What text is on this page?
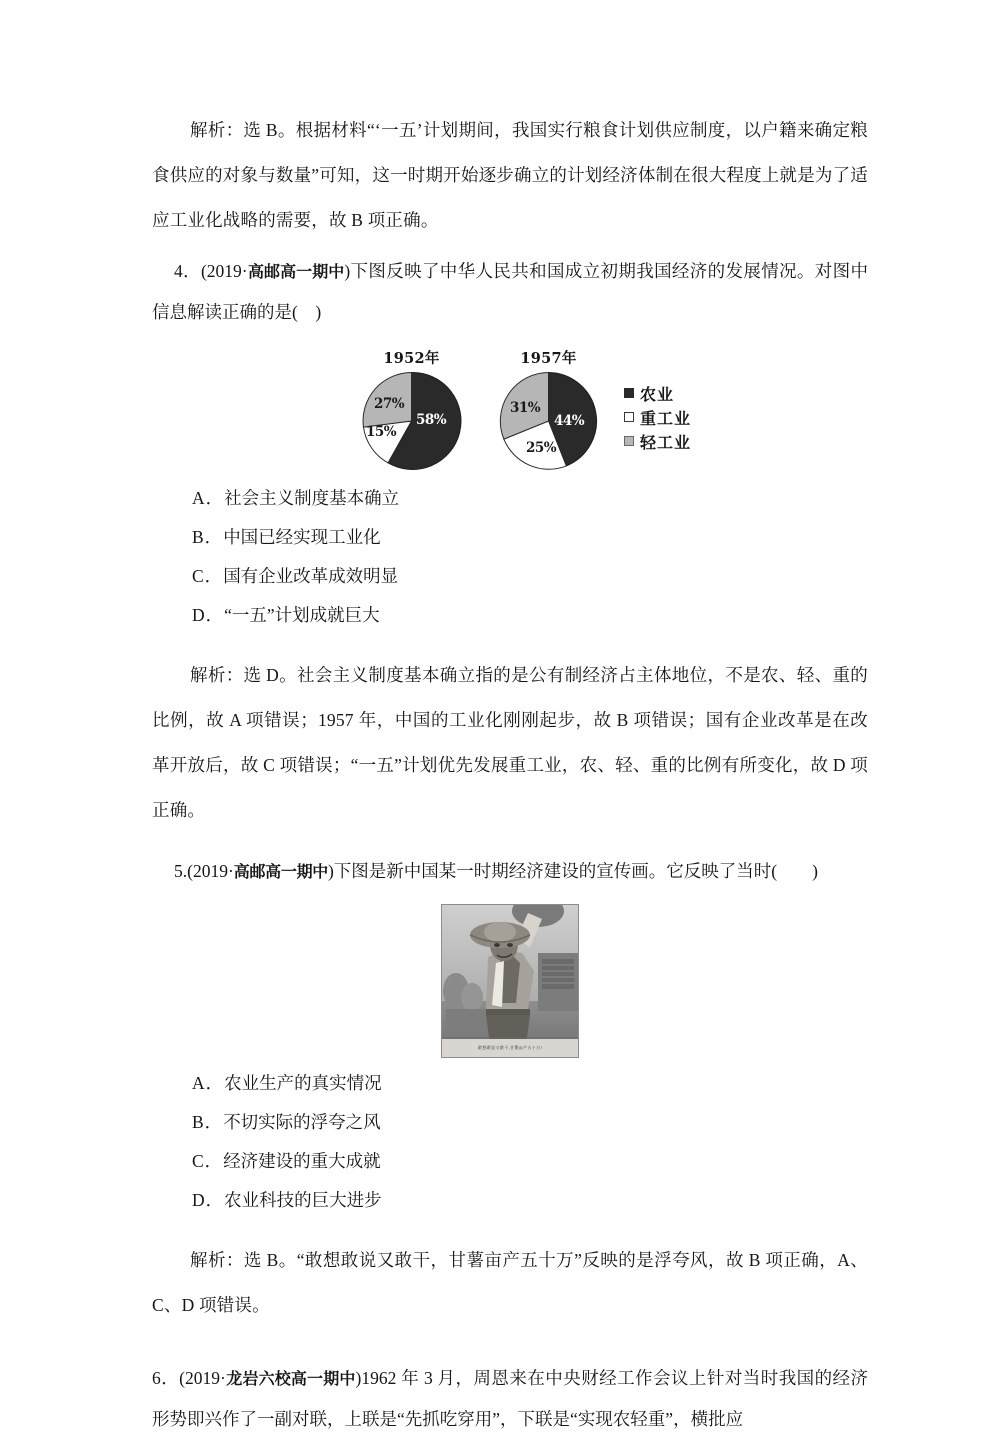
解析：选 B。根据材料“‘一五’计划期间，我国实行粮食计划供应制度，以户籍来确定粮食供应的对象与数量”可知，这一时期开始逐步确立的计划经济体制在很大程度上就是为了适应工业化战略的需要，故 B 项正确。
4．(2019·高邮高一期中)下图反映了中华人民共和国成立初期我国经济的发展情况。对图中信息解读正确的是(　)
1952年
58%
15%
27%
1957年
44%
25%
31%
农业
重工业
轻工业
A．社会主义制度基本确立
B．中国已经实现工业化
C．国有企业改革成效明显
D．“一五”计划成就巨大
解析：选 D。社会主义制度基本确立指的是公有制经济占主体地位，不是农、轻、重的比例，故 A 项错误；1957 年，中国的工业化刚刚起步，故 B 项错误；国有企业改革是在改革开放后，故 C 项错误；“一五”计划优先发展重工业，农、轻、重的比例有所变化，故 D 项正确。
5.(2019·高邮高一期中)下图是新中国某一时期经济建设的宣传画。它反映了当时(　　)
敢想敢说又敢干,甘薯亩产五十万!
A．农业生产的真实情况
B．不切实际的浮夸之风
C．经济建设的重大成就
D．农业科技的巨大进步
解析：选 B。“敢想敢说又敢干，甘薯亩产五十万”反映的是浮夸风，故 B 项正确，A、C、D 项错误。
6．(2019·龙岩六校高一期中)1962 年 3 月，周恩来在中央财经工作会议上针对当时我国的经济形势即兴作了一副对联，上联是“先抓吃穿用”，下联是“实现农轻重”，横批应
